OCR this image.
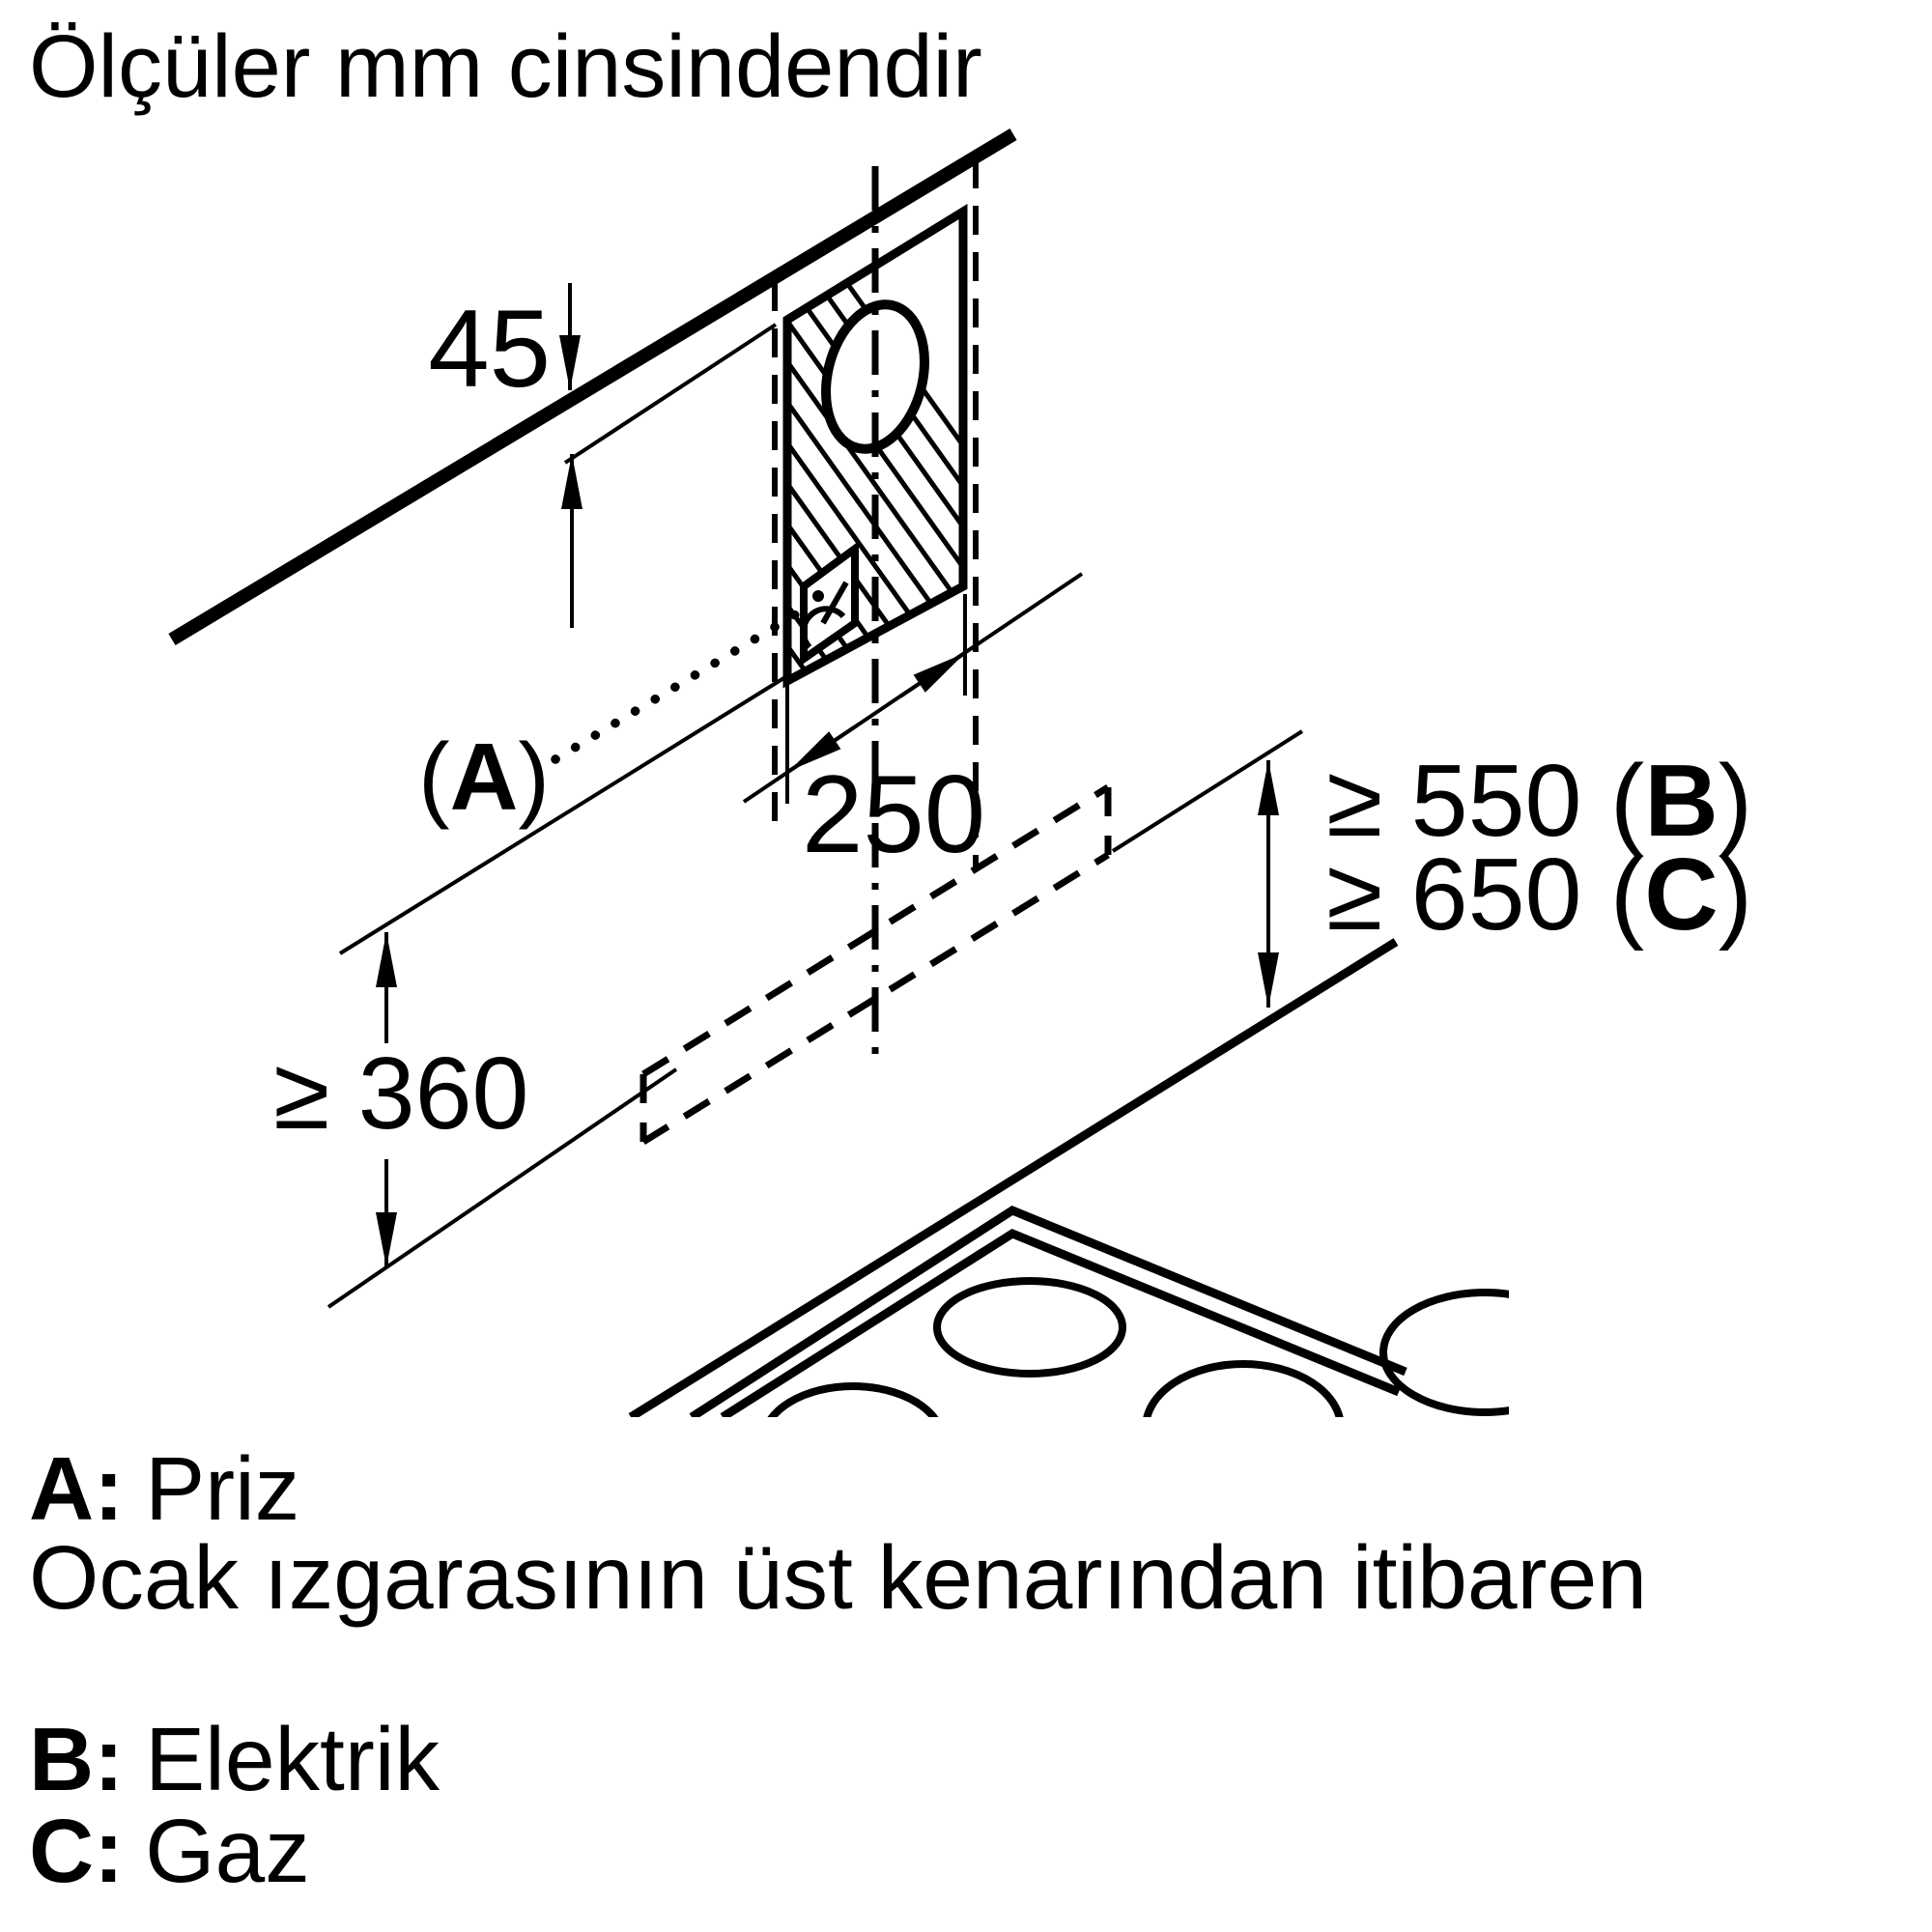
Ölçüler mm cinsindendir
45
(A) 250
≥ 360
≥ 550 (B)
≥ 650 (C)
A: Priz
Ocak ızgarasının üst kenarından itibaren
B: Elektrik
C: Gaz
